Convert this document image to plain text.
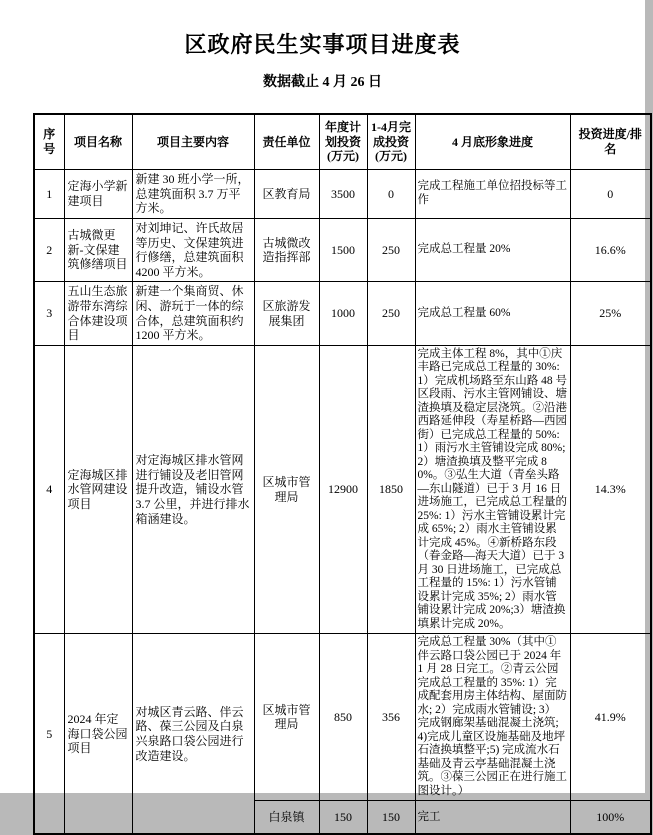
区政府民生实事项目进度表
数据截止 4 月 26 日
序号	项目名称	项目主要内容	责任单位	年度计划投资(万元)	1-4月完成投资(万元)	4 月底形象进度	投资进度/排名
1	定海小学新建项目	新建 30 班小学一所，总建筑面积 3.7 万平方米。	区教育局	3500	0	完成工程施工单位招投标等工作	0
2	古城微更新-文保建筑修缮项目	对刘坤记、许氏故居等历史、文保建筑进行修缮，总建筑面积 4200 平方米。	古城微改造指挥部	1500	250	完成总工程量 20%	16.6%
3	五山生态旅游带东湾综合体建设项目	新建一个集商贸、休闲、游玩于一体的综合体，总建筑面积约 1200 平方米。	区旅游发展集团	1000	250	完成总工程量 60%	25%
4	定海城区排水管网建设项目	对定海城区排水管网进行铺设及老旧管网提升改造，铺设水管 3.7 公里，并进行排水箱涵建设。	区城市管理局	12900	1850	完成主体工程 8%，其中①庆丰路已完成总工程量的 30%: 1）完成机场路至东山路 48 号区段雨、污水主管网铺设、塘渣换填及稳定层浇筑。②沿港西路延伸段（寿星桥路—西园街）已完成总工程量的 50%:1）雨污水主管铺设完成 80%; 2）塘渣换填及整平完成 80%。③弘生大道（青垒头路—东山隧道）已于 3 月 16 日进场施工，已完成总工程量的 25%: 1）污水主管铺设累计完成 65%; 2）雨水主管铺设累计完成 45%。④新桥路东段（眷金路—海天大道）已于 3 月 30 日进场施工，已完成总工程量的 15%: 1）污水管铺设累计完成 35%; 2）雨水管铺设累计完成 20%;3）塘渣换填累计完成 20%。	14.3%
5	2024 年定海口袋公园项目	对城区青云路、伴云路、葆三公园及白泉兴泉路口袋公园进行改造建设。	区城市管理局	850	356	完成总工程量 30%（其中①伴云路口袋公园已于 2024 年 1 月 28 日完工。②青云公园完成总工程量的 35%: 1）完成配套用房主体结构、屋面防水; 2）完成雨水管铺设; 3）完成钢廊架基础混凝土浇筑;4)完成儿童区设施基础及地坪石渣换填整平;5) 完成流水石基础及青云亭基础混凝土浇筑。③葆三公园正在进行施工图设计。）	41.9%
			白泉镇	150	150	完工	100%
